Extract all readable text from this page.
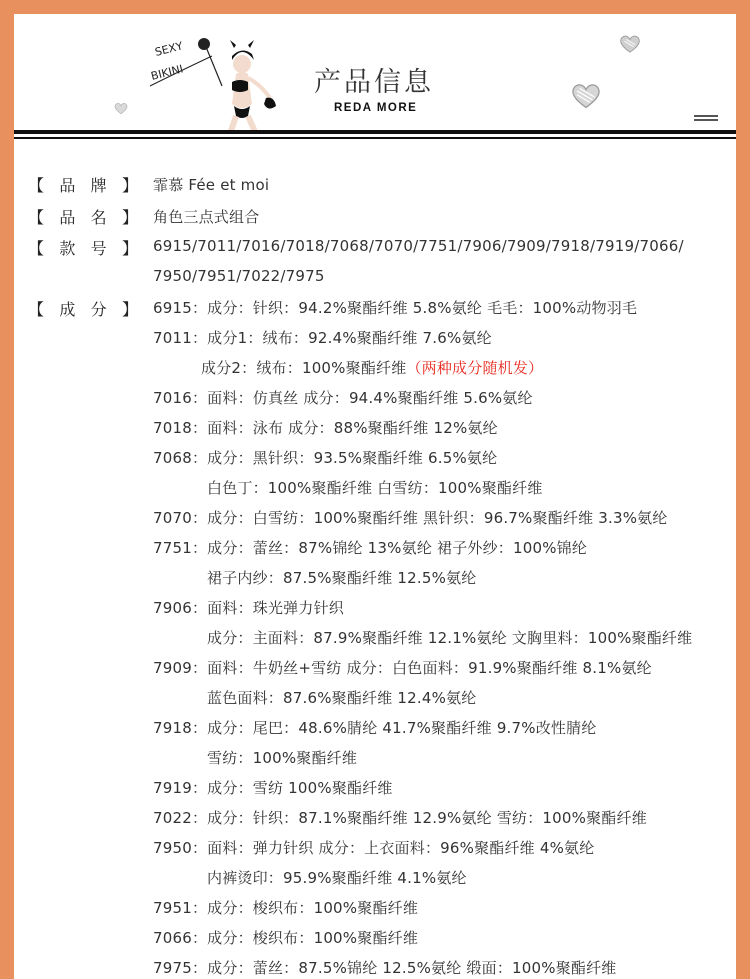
SEXY
BIKINI	产品信息
REDA MORE
【 品 牌 】
【 品 名 】
【 款 号 】
【 成 分 】
霏慕 Fée et moi
角色三点式组合
6915/7011/7016/7018/7068/7070/7751/7906/7909/7918/7919/7066/
7950/7951/7022/7975
6915：成分：针织：94.2%聚酯纤维 5.8%氨纶 毛毛：100%动物羽毛
7011：成分1：绒布：92.4%聚酯纤维 7.6%氨纶
成分2：绒布：100%聚酯纤维（两种成分随机发）
7016：面料：仿真丝 成分：94.4%聚酯纤维 5.6%氨纶
7018：面料：泳布 成分：88%聚酯纤维 12%氨纶
7068：成分：黑针织：93.5%聚酯纤维 6.5%氨纶
白色丁：100%聚酯纤维 白雪纺：100%聚酯纤维
7070：成分：白雪纺：100%聚酯纤维 黑针织：96.7%聚酯纤维 3.3%氨纶
7751：成分：蕾丝：87%锦纶 13%氨纶 裙子外纱：100%锦纶
裙子内纱：87.5%聚酯纤维 12.5%氨纶
7906：面料：珠光弹力针织
成分：主面料：87.9%聚酯纤维 12.1%氨纶 文胸里料：100%聚酯纤维
7909：面料：牛奶丝+雪纺 成分：白色面料：91.9%聚酯纤维 8.1%氨纶
蓝色面料：87.6%聚酯纤维 12.4%氨纶
7918：成分：尾巴：48.6%腈纶 41.7%聚酯纤维 9.7%改性腈纶
雪纺：100%聚酯纤维
7919：成分：雪纺 100%聚酯纤维
7022：成分：针织：87.1%聚酯纤维 12.9%氨纶 雪纺：100%聚酯纤维
7950：面料：弹力针织 成分：上衣面料：96%聚酯纤维 4%氨纶
内裤烫印：95.9%聚酯纤维 4.1%氨纶
7951：成分：梭织布：100%聚酯纤维
7066：成分：梭织布：100%聚酯纤维
7975：成分：蕾丝：87.5%锦纶 12.5%氨纶 缎面：100%聚酯纤维
